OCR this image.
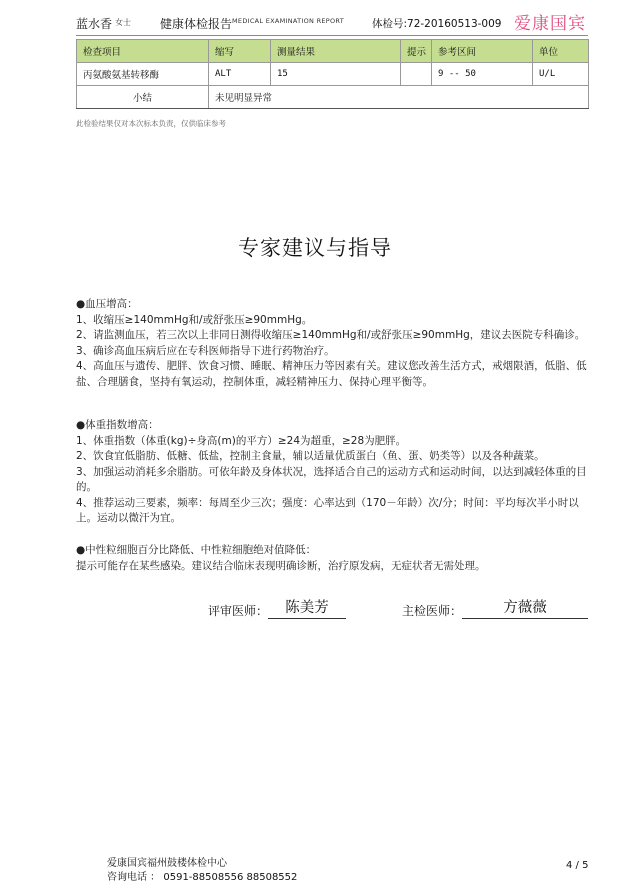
蓝水香 女士 健康体检报告 MEDICAL EXAMINATION REPORT	体检号:72-20160513-009 爱康国宾
检查项目	缩写	测量结果	提示	参考区间	单位
丙氨酸氨基转移酶	ALT	15		9 -- 50	U/L
小结	未见明显异常				
此检验结果仅对本次标本负责，仅供临床参考
专家建议与指导

●血压增高：

1、收缩压≥140mmHg和/或舒张压≥90mmHg。

2、请监测血压，若三次以上非同日测得收缩压≥140mmHg和/或舒张压≥90mmHg，建议去医院专科确诊。

3、确诊高血压病后应在专科医师指导下进行药物治疗。

4、高血压与遗传、肥胖、饮食习惯、睡眠、精神压力等因素有关。建议您改善生活方式，戒烟限酒，低脂、低盐、合理膳食，坚持有氧运动，控制体重，减轻精神压力、保持心理平衡等。

●体重指数增高：

1、体重指数（体重(kg)÷身高(m)的平方）≥24为超重，≥28为肥胖。

2、饮食宜低脂肪、低糖、低盐，控制主食量，辅以适量优质蛋白（鱼、蛋、奶类等）以及各种蔬菜。

3、加强运动消耗多余脂肪。可依年龄及身体状况，选择适合自己的运动方式和运动时间，以达到减轻体重的目的。

4、推荐运动三要素，频率：每周至少三次；强度：心率达到（170－年龄）次/分；时间：平均每次半小时以上。运动以微汗为宜。

●中性粒细胞百分比降低、中性粒细胞绝对值降低：

提示可能存在某些感染。建议结合临床表现明确诊断，治疗原发病，无症状者无需处理。

评审医师：	陈美芳	主检医师：	方薇薇
爱康国宾福州鼓楼体检中心
咨询电话 ： 0591-88508556 88508552
4 / 5
